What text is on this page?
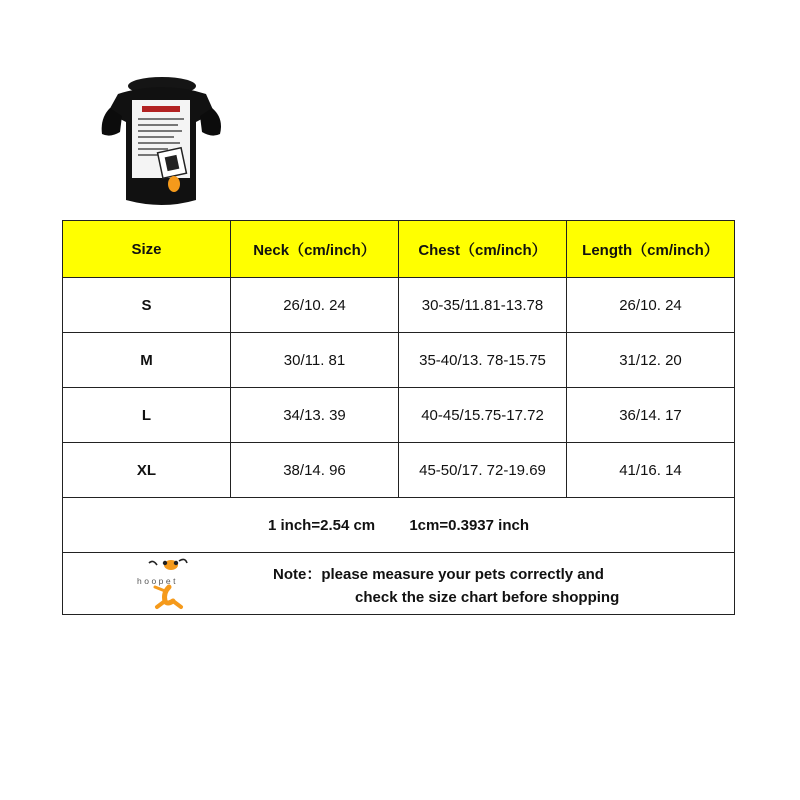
Size	Neck（cm/inch）	Chest（cm/inch）	Length（cm/inch）
S	26/10. 24	30-35/11.81-13.78	26/10. 24
M	30/11. 81	35-40/13. 78-15.75	31/12. 20
L	34/13. 39	40-45/15.75-17.72	36/14. 17
XL	38/14. 96	45-50/17. 72-19.69	41/16. 14
1 inch=2.54 cm 1cm=0.3937 inch			

hoopet Note：please measure your pets correctly and
check the size chart before shopping			
